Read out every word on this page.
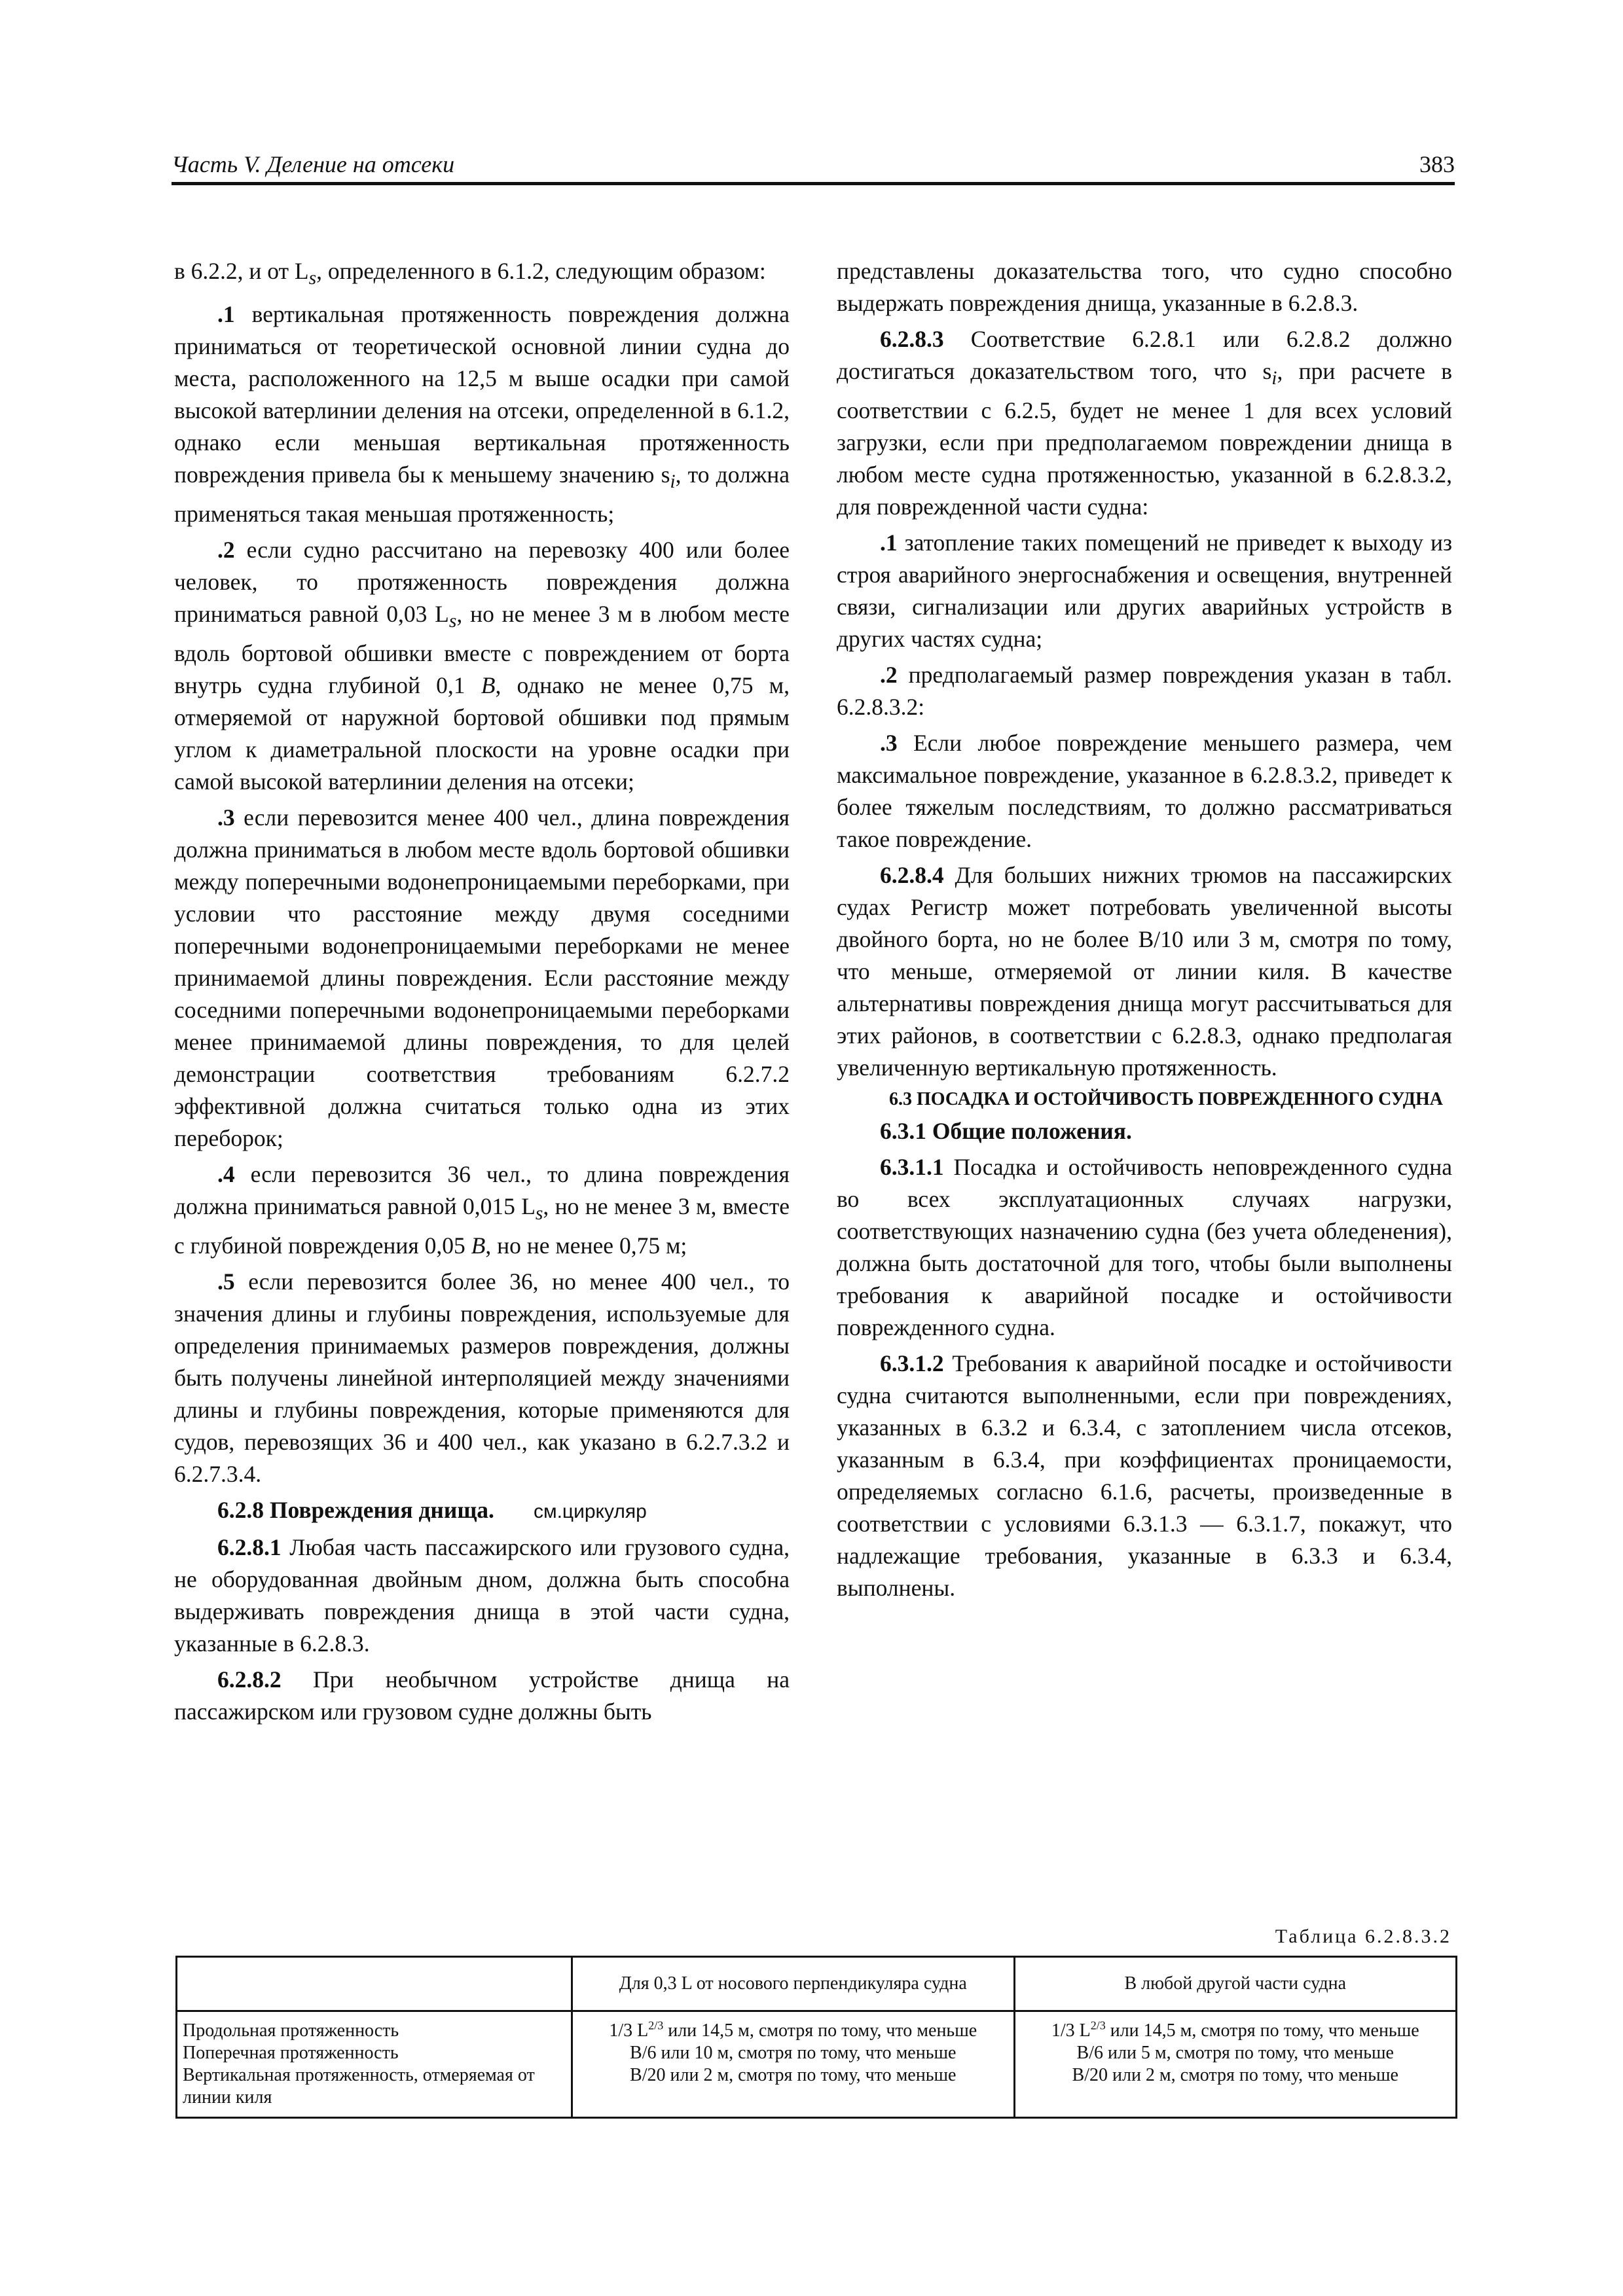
Часть V. Деление на отсеки	383

в 6.2.2, и от $L_s$, определенного в 6.1.2, следующим образом:

.1 вертикальная протяженность повреждения должна приниматься от теоретической основной линии судна до места, расположенного на 12,5 м выше осадки при самой высокой ватерлинии деления на отсеки, определенной в 6.1.2, однако если меньшая вертикальная протяженность повреждения привела бы к меньшему значению $s_i$, то должна применяться такая меньшая протяженность;

.2 если судно рассчитано на перевозку 400 или более человек, то протяженность повреждения должна приниматься равной 0,03 $L_s$, но не менее 3 м в любом месте вдоль бортовой обшивки вместе с повреждением от борта внутрь судна глубиной 0,1 B, однако не менее 0,75 м, отмеряемой от наружной бортовой обшивки под прямым углом к диаметральной плоскости на уровне осадки при самой высокой ватерлинии деления на отсеки;

.3 если перевозится менее 400 чел., длина повреждения должна приниматься в любом месте вдоль бортовой обшивки между поперечными водонепроницаемыми переборками, при условии что расстояние между двумя соседними поперечными водонепроницаемыми переборками не менее принимаемой длины повреждения. Если расстояние между соседними поперечными водонепроницаемыми переборками менее принимаемой длины повреждения, то для целей демонстрации соответствия требованиям 6.2.7.2 эффективной должна считаться только одна из этих переборок;

.4 если перевозится 36 чел., то длина повреждения должна приниматься равной 0,015 $L_s$, но не менее 3 м, вместе с глубиной повреждения 0,05 B, но не менее 0,75 м;

.5 если перевозится более 36, но менее 400 чел., то значения длины и глубины повреждения, используемые для определения принимаемых размеров повреждения, должны быть получены линейной интерполяцией между значениями длины и глубины повреждения, которые применяются для судов, перевозящих 36 и 400 чел., как указано в 6.2.7.3.2 и 6.2.7.3.4.

6.2.8 Повреждения днища. см.циркуляр

6.2.8.1 Любая часть пассажирского или грузового судна, не оборудованная двойным дном, должна быть способна выдерживать повреждения днища в этой части судна, указанные в 6.2.8.3.

6.2.8.2 При необычном устройстве днища на пассажирском или грузовом судне должны быть

представлены доказательства того, что судно способно выдержать повреждения днища, указанные в 6.2.8.3.

6.2.8.3 Соответствие 6.2.8.1 или 6.2.8.2 должно достигаться доказательством того, что $s_i$, при расчете в соответствии с 6.2.5, будет не менее 1 для всех условий загрузки, если при предполагаемом повреждении днища в любом месте судна протяженностью, указанной в 6.2.8.3.2, для поврежденной части судна:

.1 затопление таких помещений не приведет к выходу из строя аварийного энергоснабжения и освещения, внутренней связи, сигнализации или других аварийных устройств в других частях судна;

.2 предполагаемый размер повреждения указан в табл. 6.2.8.3.2:

.3 Если любое повреждение меньшего размера, чем максимальное повреждение, указанное в 6.2.8.3.2, приведет к более тяжелым последствиям, то должно рассматриваться такое повреждение.

6.2.8.4 Для больших нижних трюмов на пассажирских судах Регистр может потребовать увеличенной высоты двойного борта, но не более B/10 или 3 м, смотря по тому, что меньше, отмеряемой от линии киля. В качестве альтернативы повреждения днища могут рассчитываться для этих районов, в соответствии с 6.2.8.3, однако предполагая увеличенную вертикальную протяженность.

6.3 ПОСАДКА И ОСТОЙЧИВОСТЬ ПОВРЕЖДЕННОГО СУДНА

6.3.1 Общие положения.

6.3.1.1 Посадка и остойчивость неповрежденного судна во всех эксплуатационных случаях нагрузки, соответствующих назначению судна (без учета обледенения), должна быть достаточной для того, чтобы были выполнены требования к аварийной посадке и остойчивости поврежденного судна.

6.3.1.2 Требования к аварийной посадке и остойчивости судна считаются выполненными, если при повреждениях, указанных в 6.3.2 и 6.3.4, с затоплением числа отсеков, указанным в 6.3.4, при коэффициентах проницаемости, определяемых согласно 6.1.6, расчеты, произведенные в соответствии с условиями 6.3.1.3 — 6.3.1.7, покажут, что надлежащие требования, указанные в 6.3.3 и 6.3.4, выполнены.

Таблица 6.2.8.3.2
	Для 0,3 L от носового перпендикуляра судна	В любой другой части судна

Продольная протяженность
Поперечная протяженность
Вертикальная протяженность, отмеряемая от линии киля	1/3 $L^{2/3}$ или 14,5 м, смотря по тому, что меньше
B/6 или 10 м, смотря по тому, что меньше
B/20 или 2 м, смотря по тому, что меньше	1/3 $L^{2/3}$ или 14,5 м, смотря по тому, что меньше
B/6 или 5 м, смотря по тому, что меньше
B/20 или 2 м, смотря по тому, что меньше
